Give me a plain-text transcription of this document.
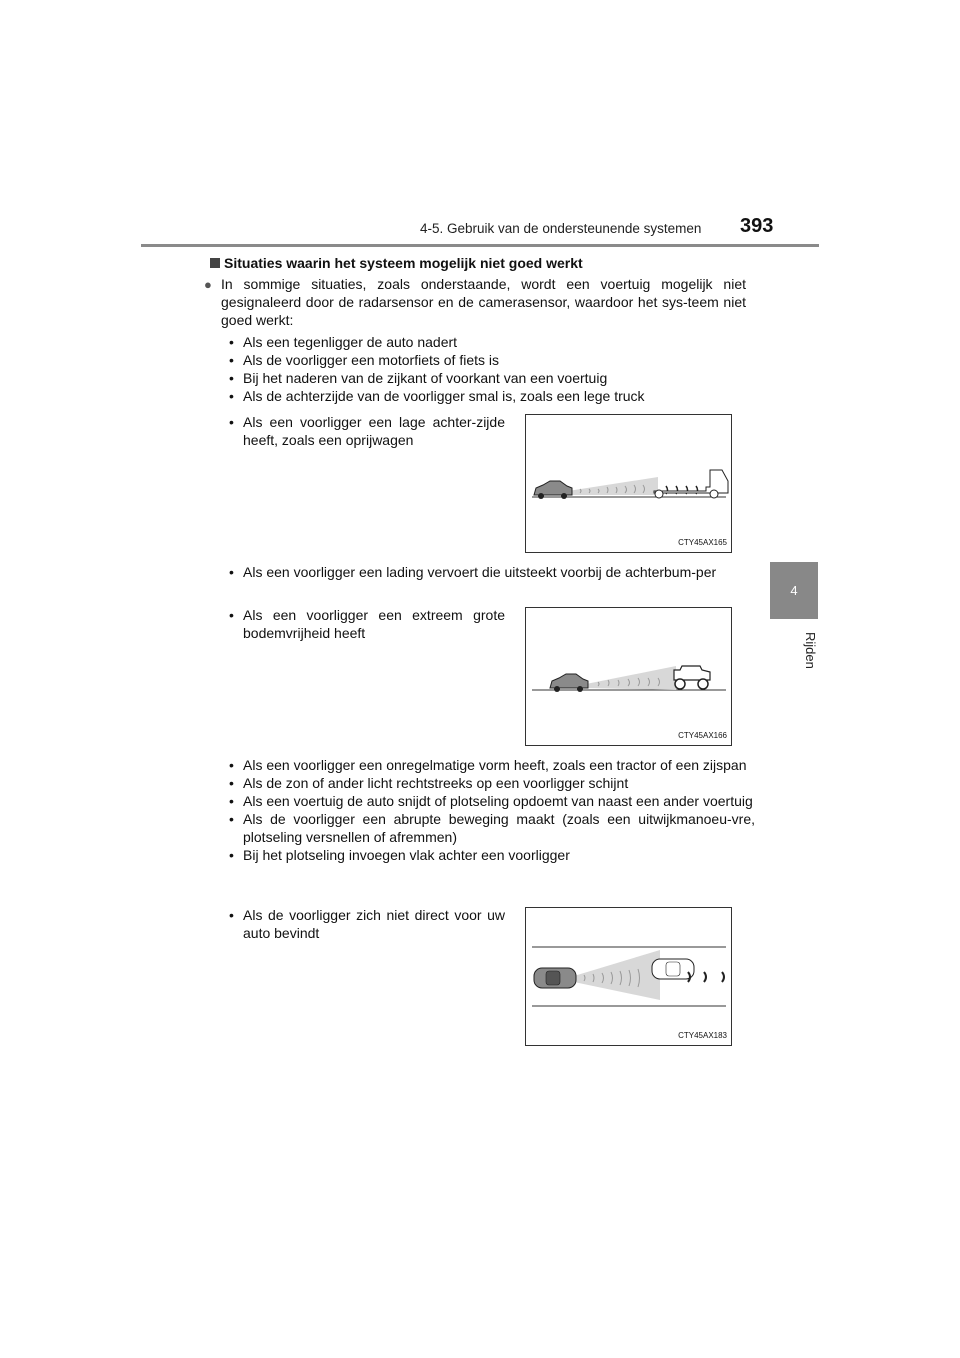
4-5. Gebruik van de ondersteunende systemen	393
4
Rijden
Situaties waarin het systeem mogelijk niet goed werkt
● In sommige situaties, zoals onderstaande, wordt een voertuig mogelijk niet gesignaleerd door de radarsensor en de camerasensor, waardoor het sys-teem niet goed werkt:
• Als een tegenligger de auto nadert
• Als de voorligger een motorfiets of fiets is
• Bij het naderen van de zijkant of voorkant van een voertuig
• Als de achterzijde van de voorligger smal is, zoals een lege truck
• Als een voorligger een lage achter-zijde heeft, zoals een oprijwagen
CTY45AX165
• Als een voorligger een lading vervoert die uitsteekt voorbij de achterbum-per
• Als een voorligger een extreem grote bodemvrijheid heeft
CTY45AX166
• Als een voorligger een onregelmatige vorm heeft, zoals een tractor of een zijspan
• Als de zon of ander licht rechtstreeks op een voorligger schijnt
• Als een voertuig de auto snijdt of plotseling opdoemt van naast een ander voertuig
• Als de voorligger een abrupte beweging maakt (zoals een uitwijkmanoeu-vre, plotseling versnellen of afremmen)
• Bij het plotseling invoegen vlak achter een voorligger
• Als de voorligger zich niet direct voor uw auto bevindt
CTY45AX183
